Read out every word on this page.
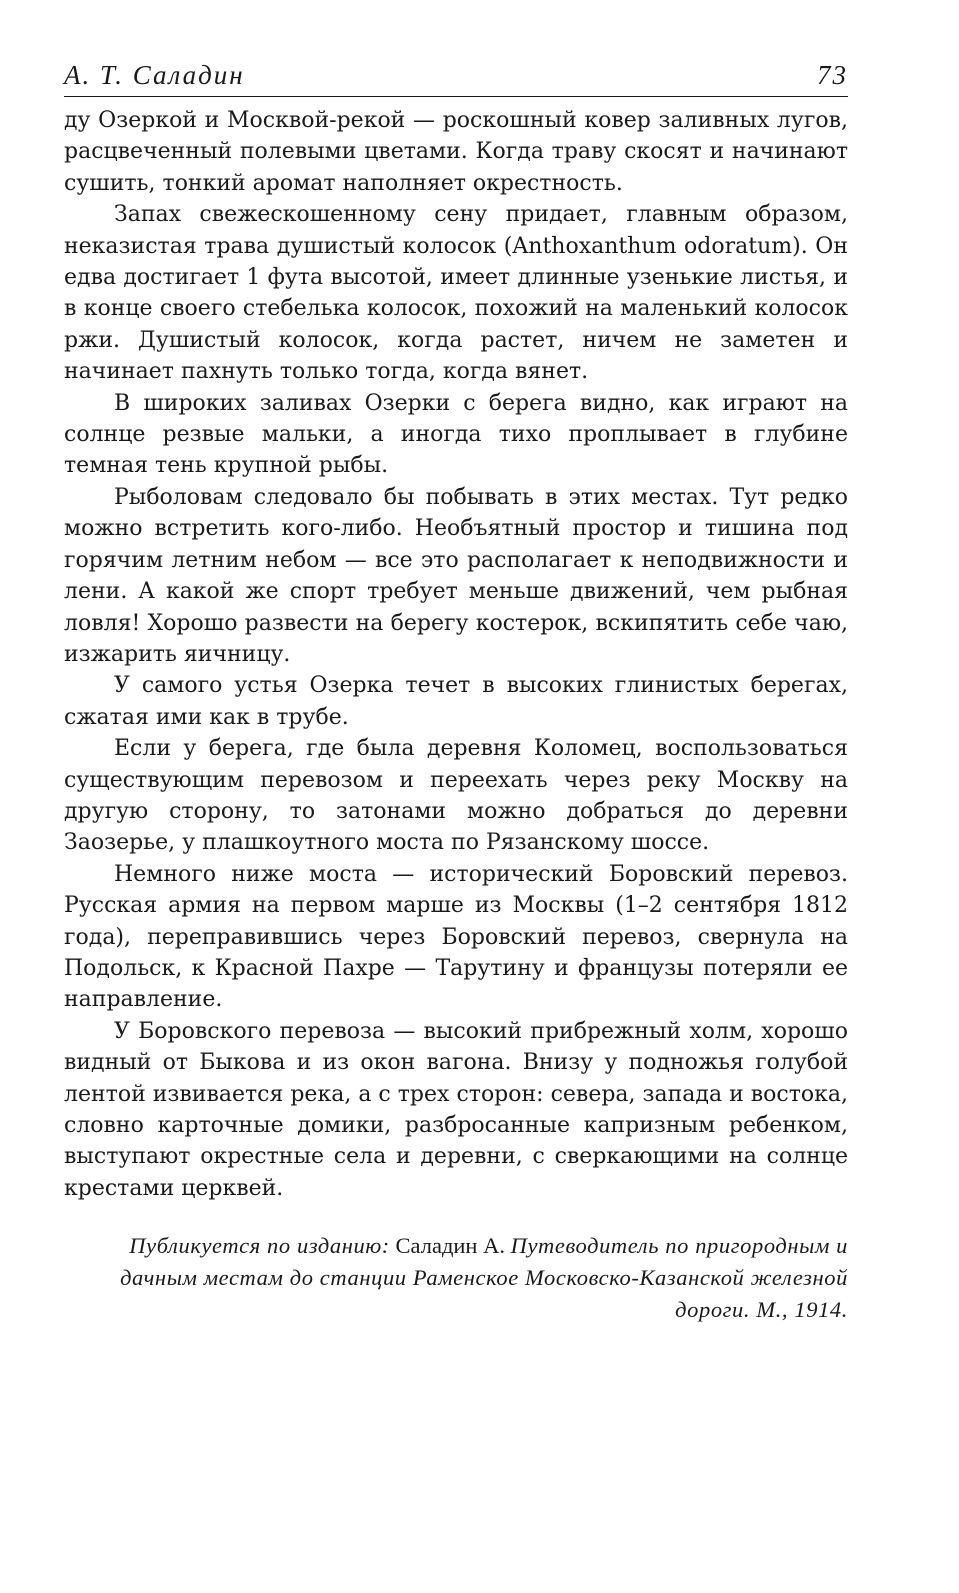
А. Т. Саладин	73

ду Озеркой и Москвой-рекой — роскошный ковер заливных лугов, расцвеченный полевыми цветами. Когда траву скосят и начинают сушить, тонкий аромат наполняет окрестность.

Запах свежескошенному сену придает, главным образом, неказистая трава душистый колосок (Anthoxanthum odoratum). Он едва достигает 1 фута высотой, имеет длинные узенькие листья, и в конце своего стебелька колосок, похожий на маленький колосок ржи. Душистый колосок, когда растет, ничем не заметен и начинает пахнуть только тогда, когда вянет.

В широких заливах Озерки с берега видно, как играют на солнце резвые мальки, а иногда тихо проплывает в глубине темная тень крупной рыбы.

Рыболовам следовало бы побывать в этих местах. Тут редко можно встретить кого-либо. Необъятный простор и тишина под горячим летним небом — все это располагает к неподвижности и лени. А какой же спорт требует меньше движений, чем рыбная ловля! Хорошо развести на берегу костерок, вскипятить себе чаю, изжарить яичницу.

У самого устья Озерка течет в высоких глинистых берегах, сжатая ими как в трубе.

Если у берега, где была деревня Коломец, воспользоваться существующим перевозом и переехать через реку Москву на другую сторону, то затонами можно добраться до деревни Заозерье, у плашкоутного моста по Рязанскому шоссе.

Немного ниже моста — исторический Боровский перевоз. Русская армия на первом марше из Москвы (1–2 сентября 1812 года), переправившись через Боровский перевоз, свернула на Подольск, к Красной Пахре — Тарутину и французы потеряли ее направление.

У Боровского перевоза — высокий прибрежный холм, хорошо видный от Быкова и из окон вагона. Внизу у подножья голубой лентой извивается река, а с трех сторон: севера, запада и востока, словно карточные домики, разбросанные капризным ребенком, выступают окрестные села и деревни, с сверкающими на солнце крестами церквей.

Публикуется по изданию: Саладин А. Путеводитель по пригородным и дачным местам до станции Раменское Московско-Казанской железной дороги. М., 1914.
